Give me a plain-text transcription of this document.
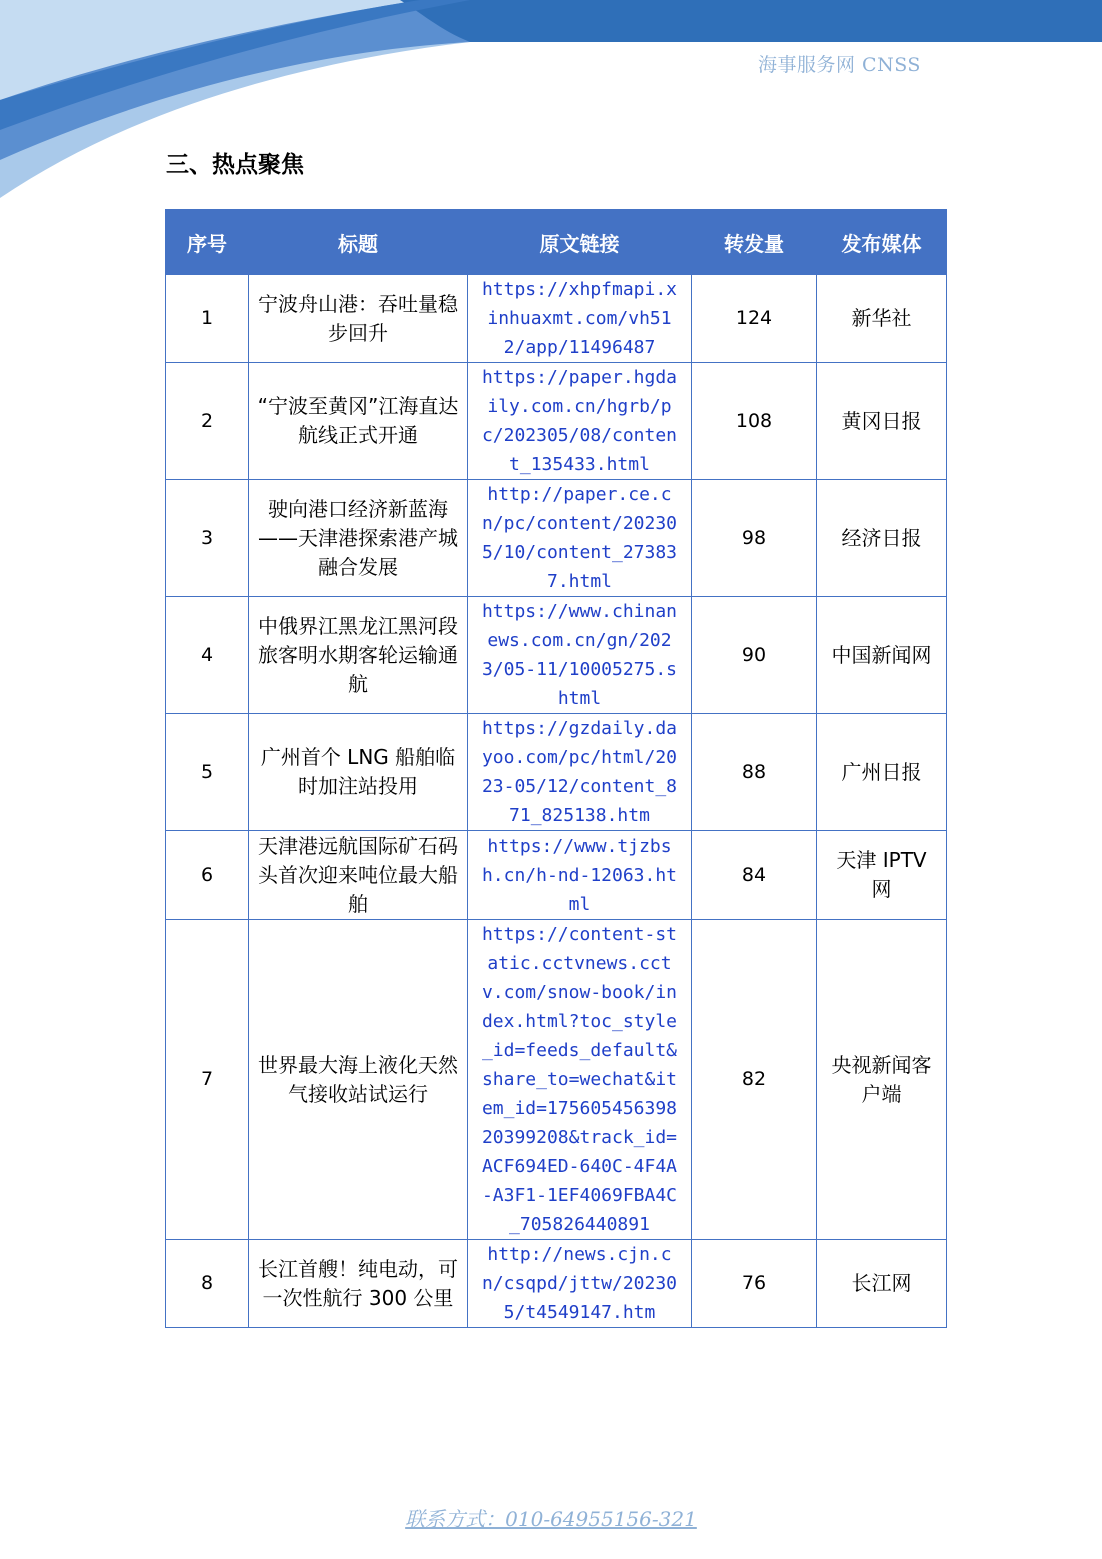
海事服务网 CNSS
三、热点聚焦
序号	标题	原文链接	转发量	发布媒体
1	宁波舟山港：吞吐量稳步回升	https://xhpfmapi.xinhuaxmt.com/vh512/app/11496487	124	新华社
2	“宁波至黄冈”江海直达航线正式开通	https://paper.hgdaily.com.cn/hgrb/pc/202305/08/content_135433.html	108	黄冈日报
3	驶向港口经济新蓝海——天津港探索港产城融合发展	http://paper.ce.cn/pc/content/202305/10/content_273837.html	98	经济日报
4	中俄界江黑龙江黑河段旅客明水期客轮运输通航	https://www.chinanews.com.cn/gn/2023/05-11/10005275.shtml	90	中国新闻网
5	广州首个 LNG 船舶临时加注站投用	https://gzdaily.dayoo.com/pc/html/2023-05/12/content_871_825138.htm	88	广州日报
6	天津港远航国际矿石码头首次迎来吨位最大船舶	https://www.tjzbsh.cn/h-nd-12063.html	84	天津 IPTV 网
7	世界最大海上液化天然气接收站试运行	https://content-static.cctvnews.cctv.com/snow-book/index.html?toc_style_id=feeds_default&share_to=wechat&item_id=17560545639820399208&track_id=ACF694ED-640C-4F4A-A3F1-1EF4069FBA4C_705826440891	82	央视新闻客户端
8	长江首艘！纯电动，可一次性航行 300 公里	http://news.cjn.cn/csqpd/jttw/202305/t4549147.htm	76	长江网
联系方式：010-64955156-321
